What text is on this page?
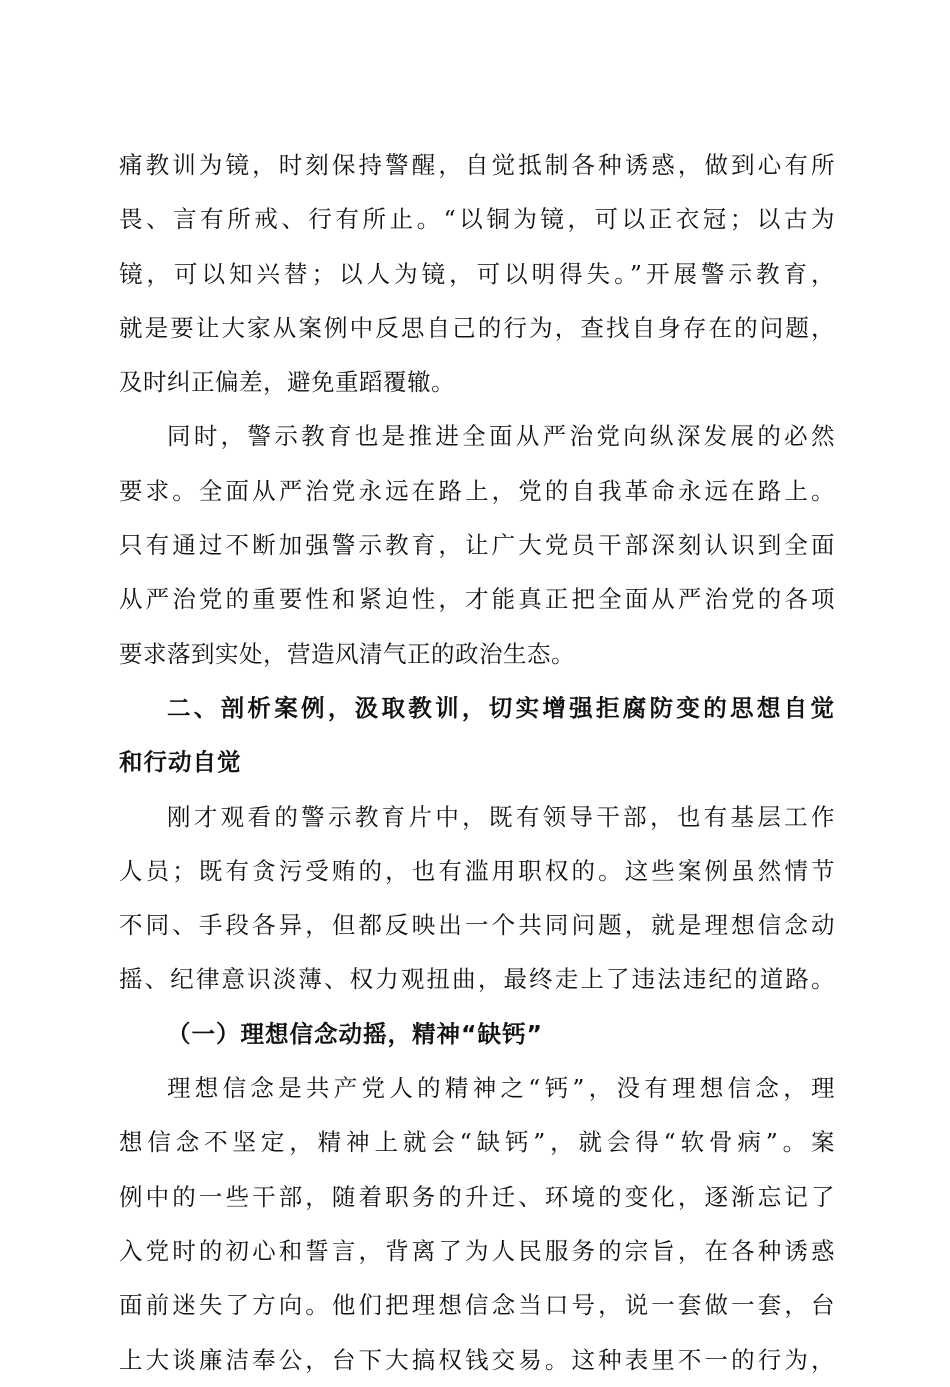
痛教训为镜，时刻保持警醒，自觉抵制各种诱惑，做到心有所
畏、言有所戒、行有所止。“以铜为镜，可以正衣冠；以古为
镜，可以知兴替；以人为镜，可以明得失。”开展警示教育，
就是要让大家从案例中反思自己的行为，查找自身存在的问题，
及时纠正偏差，避免重蹈覆辙。
同时，警示教育也是推进全面从严治党向纵深发展的必然
要求。全面从严治党永远在路上，党的自我革命永远在路上。
只有通过不断加强警示教育，让广大党员干部深刻认识到全面
从严治党的重要性和紧迫性，才能真正把全面从严治党的各项
要求落到实处，营造风清气正的政治生态。
二、剖析案例，汲取教训，切实增强拒腐防变的思想自觉
和行动自觉
刚才观看的警示教育片中，既有领导干部，也有基层工作
人员；既有贪污受贿的，也有滥用职权的。这些案例虽然情节
不同、手段各异，但都反映出一个共同问题，就是理想信念动
摇、纪律意识淡薄、权力观扭曲，最终走上了违法违纪的道路。
（一）理想信念动摇，精神“缺钙”
理想信念是共产党人的精神之“钙”，没有理想信念，理
想信念不坚定，精神上就会“缺钙”，就会得“软骨病”。案
例中的一些干部，随着职务的升迁、环境的变化，逐渐忘记了
入党时的初心和誓言，背离了为人民服务的宗旨，在各种诱惑
面前迷失了方向。他们把理想信念当口号，说一套做一套，台
上大谈廉洁奉公，台下大搞权钱交易。这种表里不一的行为，
